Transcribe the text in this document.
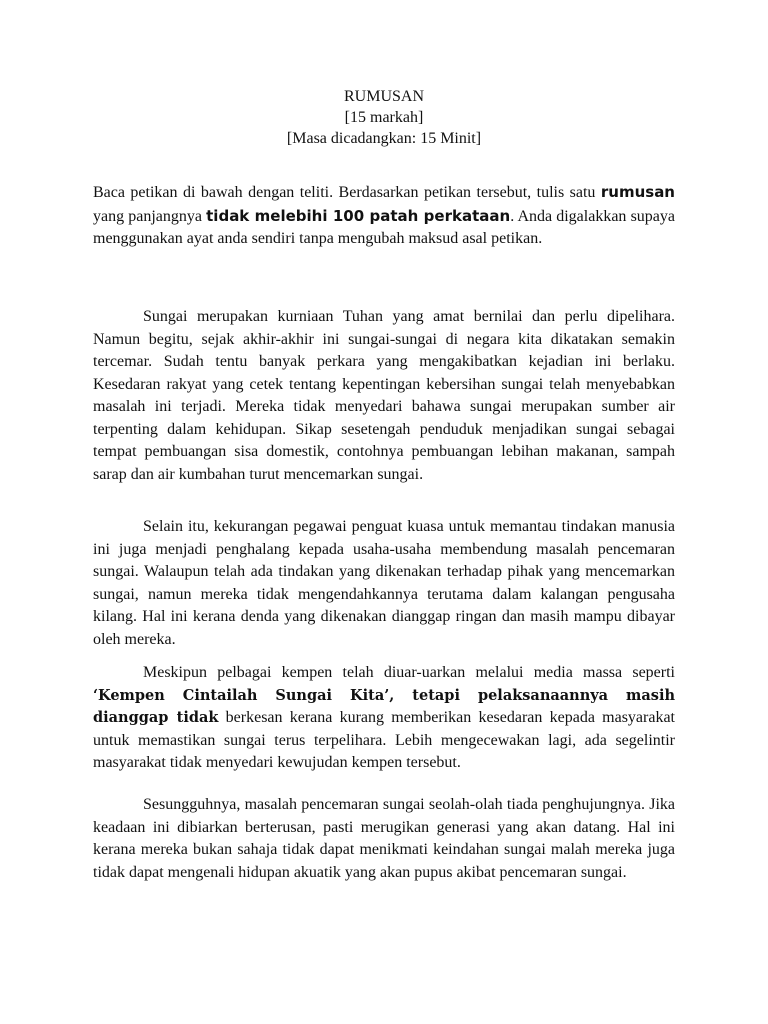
RUMUSAN
[15 markah]
[Masa dicadangkan: 15 Minit]
Baca petikan di bawah dengan teliti. Berdasarkan petikan tersebut, tulis satu rumusan yang panjangnya tidak melebihi 100 patah perkataan. Anda digalakkan supaya menggunakan ayat anda sendiri tanpa mengubah maksud asal petikan.
Sungai merupakan kurniaan Tuhan yang amat bernilai dan perlu dipelihara. Namun begitu, sejak akhir-akhir ini sungai-sungai di negara kita dikatakan semakin tercemar. Sudah tentu banyak perkara yang mengakibatkan kejadian ini berlaku. Kesedaran rakyat yang cetek tentang kepentingan kebersihan sungai telah menyebabkan masalah ini terjadi. Mereka tidak menyedari bahawa sungai merupakan sumber air terpenting dalam kehidupan. Sikap sesetengah penduduk menjadikan sungai sebagai tempat pembuangan sisa domestik, contohnya pembuangan lebihan makanan, sampah sarap dan air kumbahan turut mencemarkan sungai.
Selain itu, kekurangan pegawai penguat kuasa untuk memantau tindakan manusia ini juga menjadi penghalang kepada usaha-usaha membendung masalah pencemaran sungai. Walaupun telah ada tindakan yang dikenakan terhadap pihak yang mencemarkan sungai, namun mereka tidak mengendahkannya terutama dalam kalangan pengusaha kilang. Hal ini kerana denda yang dikenakan dianggap ringan dan masih mampu dibayar oleh mereka.
Meskipun pelbagai kempen telah diuar-uarkan melalui media massa seperti ‘Kempen Cintailah Sungai Kita’, tetapi pelaksanaannya masih dianggap tidak berkesan kerana kurang memberikan kesedaran kepada masyarakat untuk memastikan sungai terus terpelihara. Lebih mengecewakan lagi, ada segelintir masyarakat tidak menyedari kewujudan kempen tersebut.
Sesungguhnya, masalah pencemaran sungai seolah-olah tiada penghujungnya. Jika keadaan ini dibiarkan berterusan, pasti merugikan generasi yang akan datang. Hal ini kerana mereka bukan sahaja tidak dapat menikmati keindahan sungai malah mereka juga tidak dapat mengenali hidupan akuatik yang akan pupus akibat pencemaran sungai.
